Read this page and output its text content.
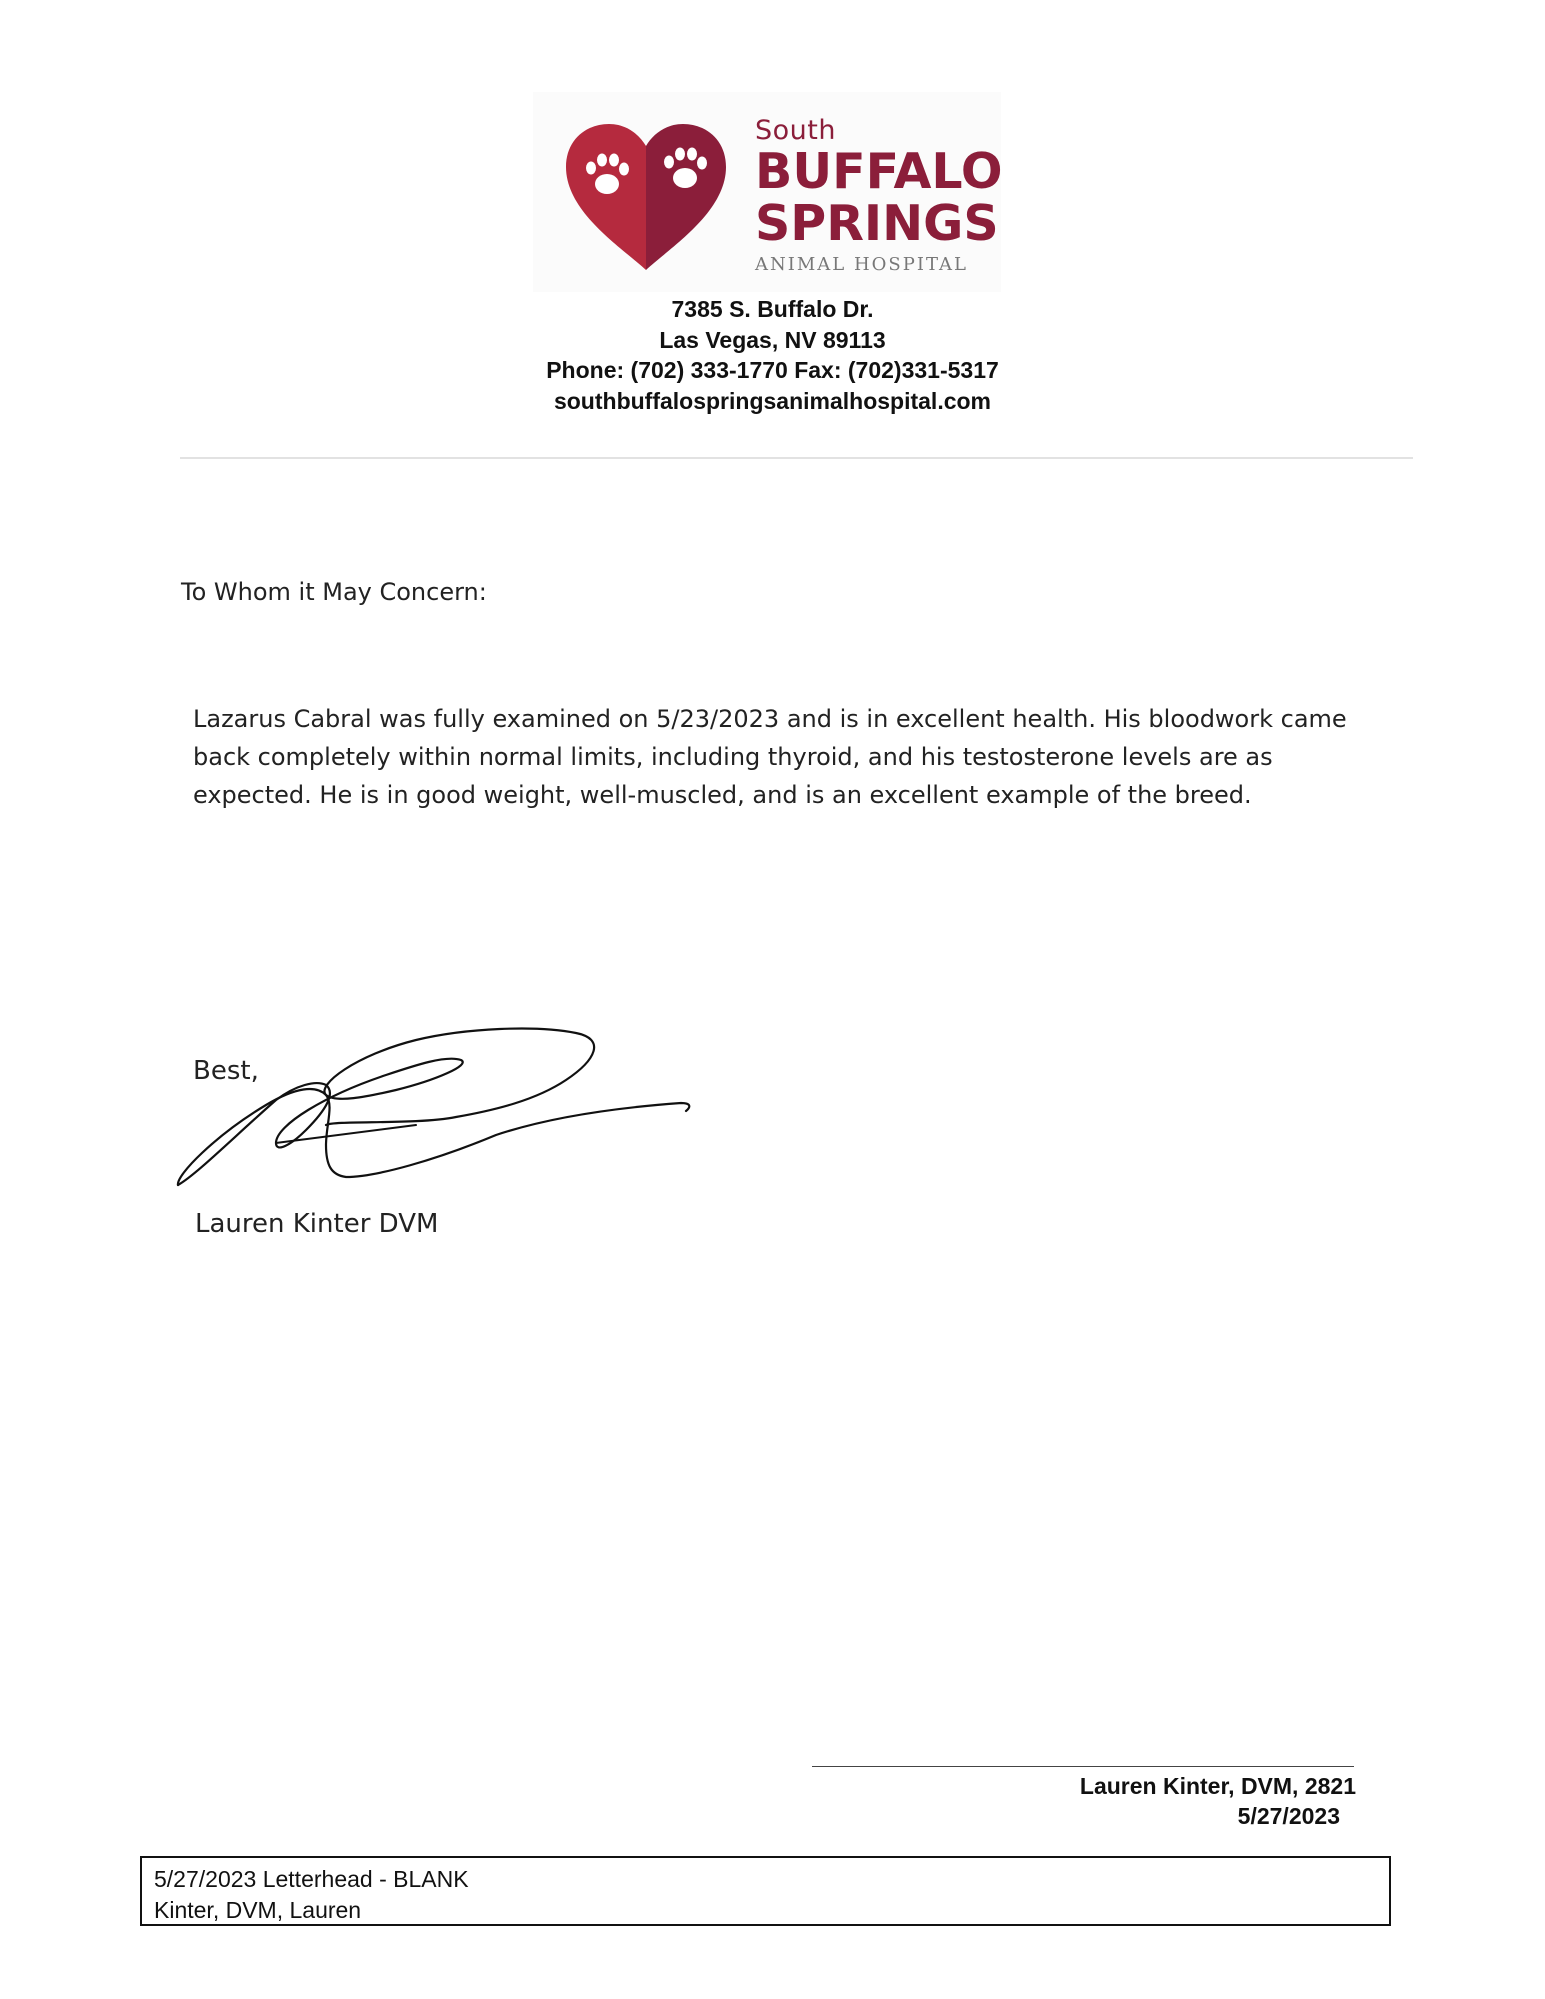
South
BUFFALO
SPRINGS
ANIMAL HOSPITAL
7385 S. Buffalo Dr.
Las Vegas, NV 89113
Phone: (702) 333-1770 Fax: (702)331-5317
southbuffalospringsanimalhospital.com
To Whom it May Concern:
Lazarus Cabral was fully examined on 5/23/2023 and is in excellent health. His bloodwork came back completely within normal limits, including thyroid, and his testosterone levels are as expected. He is in good weight, well-muscled, and is an excellent example of the breed.
Best,
Lauren Kinter DVM
Lauren Kinter, DVM, 2821
5/27/2023
5/27/2023 Letterhead - BLANK
Kinter, DVM, Lauren
